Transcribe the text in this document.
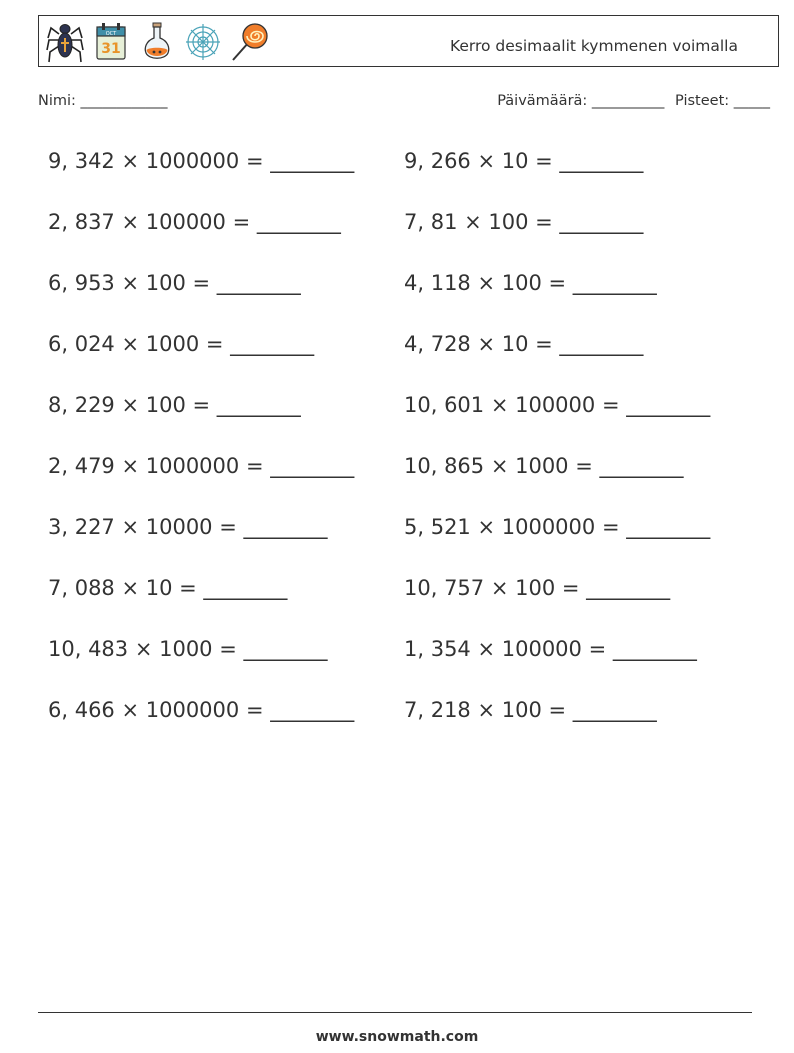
OCT
31	Kerro desimaalit kymmenen voimalla
Nimi: ____________	Päivämäärä: __________ Pisteet: _____
9, 342 × 1000000 = ________
2, 837 × 100000 = ________
6, 953 × 100 = ________
6, 024 × 1000 = ________
8, 229 × 100 = ________
2, 479 × 1000000 = ________
3, 227 × 10000 = ________
7, 088 × 10 = ________
10, 483 × 1000 = ________
6, 466 × 1000000 = ________
9, 266 × 10 = ________
7, 81 × 100 = ________
4, 118 × 100 = ________
4, 728 × 10 = ________
10, 601 × 100000 = ________
10, 865 × 1000 = ________
5, 521 × 1000000 = ________
10, 757 × 100 = ________
1, 354 × 100000 = ________
7, 218 × 100 = ________
www.snowmath.com
